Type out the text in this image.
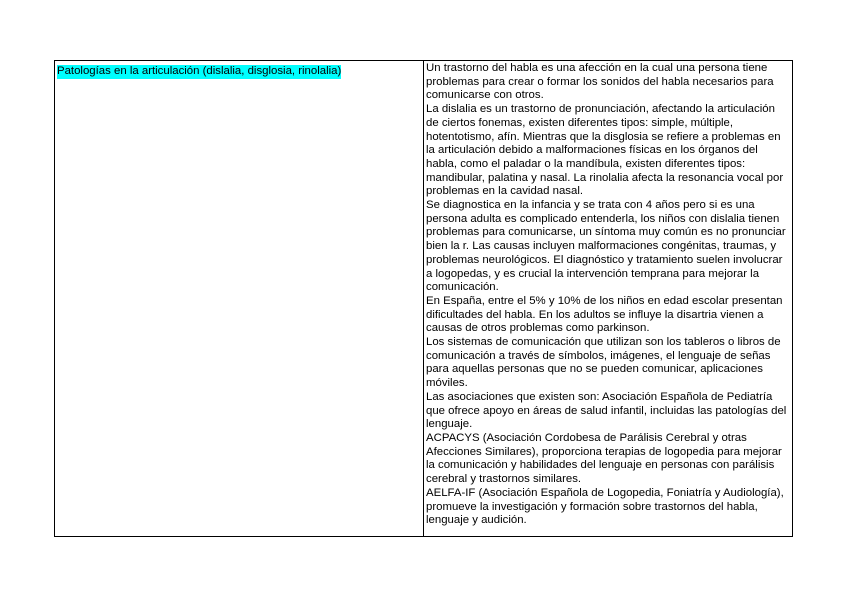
Patologías en la articulación (dislalia, disglosia, rinolalia)	Un trastorno del habla es una afección en la cual una persona tiene problemas para crear o formar los sonidos del habla necesarios para comunicarse con otros.

La dislalia es un trastorno de pronunciación, afectando la articulación de ciertos fonemas, existen diferentes tipos: simple, múltiple, hotentotismo, afín. Mientras que la disglosia se refiere a problemas en la articulación debido a malformaciones físicas en los órganos del habla, como el paladar o la mandíbula, existen diferentes tipos: mandibular, palatina y nasal. La rinolalia afecta la resonancia vocal por problemas en la cavidad nasal.

Se diagnostica en la infancia y se trata con 4 años pero si es una persona adulta es complicado entenderla, los niños con dislalia tienen problemas para comunicarse, un síntoma muy común es no pronunciar bien la r. Las causas incluyen malformaciones congénitas, traumas, y problemas neurológicos. El diagnóstico y tratamiento suelen involucrar a logopedas, y es crucial la intervención temprana para mejorar la comunicación.

En España, entre el 5% y 10% de los niños en edad escolar presentan dificultades del habla. En los adultos se influye la disartria vienen a causas de otros problemas como parkinson.

Los sistemas de comunicación que utilizan son los tableros o libros de comunicación a través de símbolos, imágenes, el lenguaje de señas para aquellas personas que no se pueden comunicar, aplicaciones móviles.

Las asociaciones que existen son: Asociación Española de Pediatría que ofrece apoyo en áreas de salud infantil, incluidas las patologías del lenguaje.

ACPACYS (Asociación Cordobesa de Parálisis Cerebral y otras Afecciones Similares), proporciona terapias de logopedia para mejorar la comunicación y habilidades del lenguaje en personas con parálisis cerebral y trastornos similares.

AELFA-IF (Asociación Española de Logopedia, Foniatría y Audiología), promueve la investigación y formación sobre trastornos del habla, lenguaje y audición.
